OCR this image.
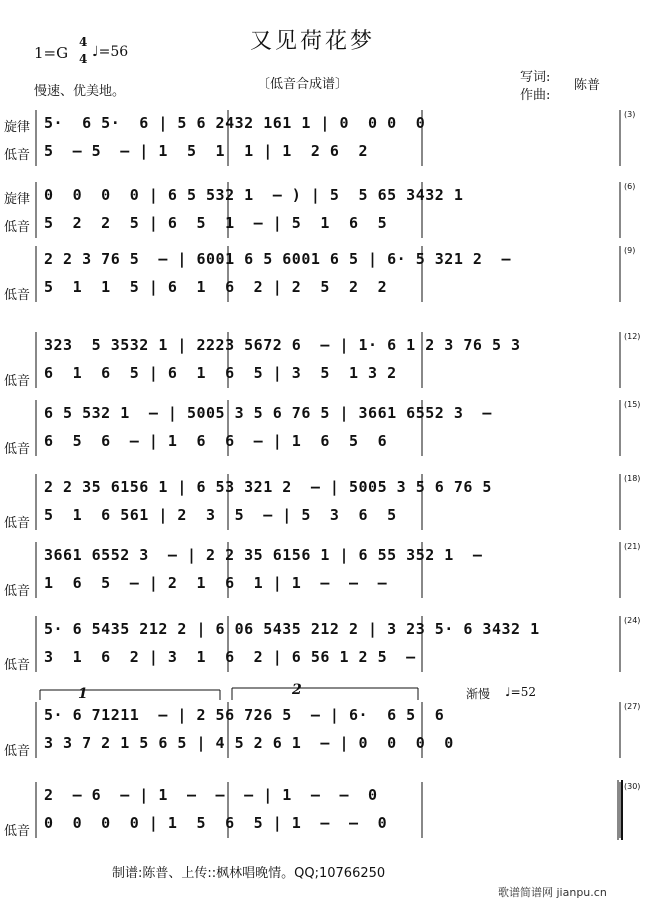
又见荷花梦
1=G
4
4 ♩=56
慢速、优美地。	〔低音合成谱〕	写词:
作曲:
陈普
旋律
低音
5·  6 5·  6 | 5 6 2432 161 1 | 0  0 0  0
5  – 5  – | 1  5  1  1 | 1  2 6  2
(3)
旋律
低音
0  0  0  0 | 6 5 532 1  – ) | 5  5 65 3432 1
5  2  2  5 | 6  5  1  – | 5  1  6  5
(6)
低音
2 2 3 76 5  – | 6001 6 5 6001 6 5 | 6· 5 321 2  –
5  1  1  5 | 6  1  6  2 | 2  5  2  2
(9)
低音
323  5 3532 1 | 2223 5672 6  – | 1· 6 1 2 3 76 5 3
6  1  6  5 | 6  1  6  5 | 3  5  1 3 2
(12)
低音
6 5 532 1  – | 5005 3 5 6 76 5 | 3661 6552 3  –
6  5  6  – | 1  6  6  – | 1  6  5  6
(15)
低音
2 2 35 6156 1 | 6 53 321 2  – | 5005 3 5 6 76 5
5  1  6 561 | 2  3  5  – | 5  3  6  5
(18)
低音
3661 6552 3  – | 2 2 35 6156 1 | 6 55 352 1  –
1  6  5  – | 2  1  6  1 | 1  –  –  –
(21)
低音
5· 6 5435 212 2 | 6 06 5435 212 2 | 3 23 5· 6 3432 1
3  1  6  2 | 3  1  6  2 | 6 56 1 2 5  –
(24)
低音
5· 6 71211  – | 2 56 726 5  – | 6·  6 5  6
3 3 7 2 1 5 6 5 | 4 5 2 6 1  – | 0  0  0  0
(27)
低音
2  – 6  – | 1  –  –  – | 1  –  –  0
0  0  0  0 | 1  5  6  5 | 1  –  –  0
(30)
渐慢 ♩=52
1	2
制谱:陈普、上传::枫林唱晚情。QQ;10766250
歌谱简谱网 jianpu.cn
